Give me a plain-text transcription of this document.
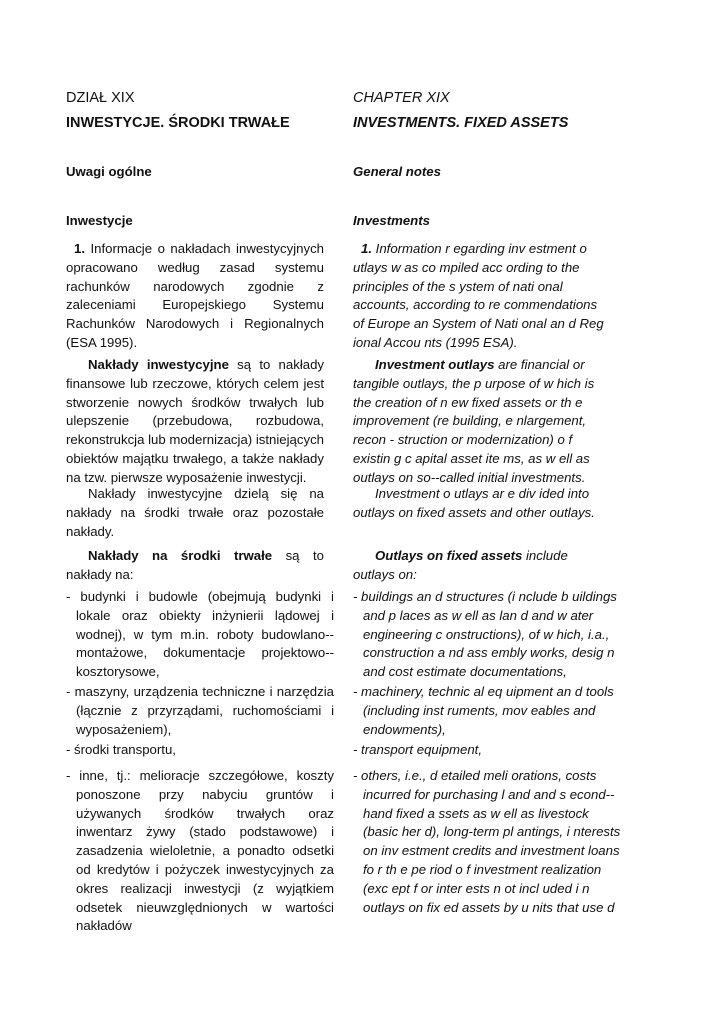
DZIAŁ XIX
INWESTYCJE. ŚRODKI TRWAŁE
Uwagi ogólne
Inwestycje

1. Informacje o nakładach inwestycyjnych opracowano według zasad systemu rachunków narodowych zgodnie z zaleceniami Europejskiego Systemu Rachunków Narodowych i Regionalnych (ESA 1995).

Nakłady inwestycyjne są to nakłady finansowe lub rzeczowe, których celem jest stworzenie nowych środków trwałych lub ulepszenie (przebudowa, rozbudowa, rekonstrukcja lub modernizacja) istniejących obiektów majątku trwałego, a także nakłady na tzw. pierwsze wyposażenie inwestycji.

Nakłady inwestycyjne dzielą się na nakłady na środki trwałe oraz pozostałe nakłady.

Nakłady na środki trwałe są to nakłady na:

- budynki i budowle (obejmują budynki i lokale oraz obiekty inżynierii lądowej i wodnej), w tym m.in. roboty budowlano--montażowe, dokumentacje projektowo--kosztorysowe,

- maszyny, urządzenia techniczne i narzędzia (łącznie z przyrządami, ruchomościami i wyposażeniem),

- środki transportu,

- inne, tj.: melioracje szczegółowe, koszty ponoszone przy nabyciu gruntów i używanych środków trwałych oraz inwentarz żywy (stado podstawowe) i zasadzenia wieloletnie, a ponadto odsetki od kredytów i pożyczek inwestycyjnych za okres realizacji inwestycji (z wyjątkiem odsetek nieuwzględnionych w wartości nakładów

CHAPTER XIX
INVESTMENTS. FIXED ASSETS
General notes
Investments

1. Information r egarding inv estment o utlays w as co mpiled acc ording to the principles of the s ystem of nati onal accounts, according to re commendations of Europe an System of Nati onal an d Reg ional Accou nts (1995 ESA).

Investment outlays are financial or tangible outlays, the p urpose of w hich is the creation of n ew fixed assets or th e improvement (re building, e nlargement, recon - struction or modernization) o f existin g c apital asset ite ms, as w ell as outlays on so--called initial investments.

Investment o utlays ar e div ided into outlays on fixed assets and other outlays.

Outlays on fixed assets include outlays on:

- buildings an d structures (i nclude b uildings and p laces as w ell as lan d and w ater engineering c onstructions), of w hich, i.a., construction a nd ass embly works, desig n and cost estimate documentations,

- machinery, technic al eq uipment an d tools (including inst ruments, mov eables and endowments),

- transport equipment,

- others, i.e., d etailed meli orations, costs incurred for purchasing l and and s econd--hand fixed a ssets as w ell as livestock (basic her d), long-term pl antings, i nterests on inv estment credits and investment loans fo r th e pe riod o f investment realization (exc ept f or inter ests n ot incl uded i n outlays on fix ed assets by u nits that use d
